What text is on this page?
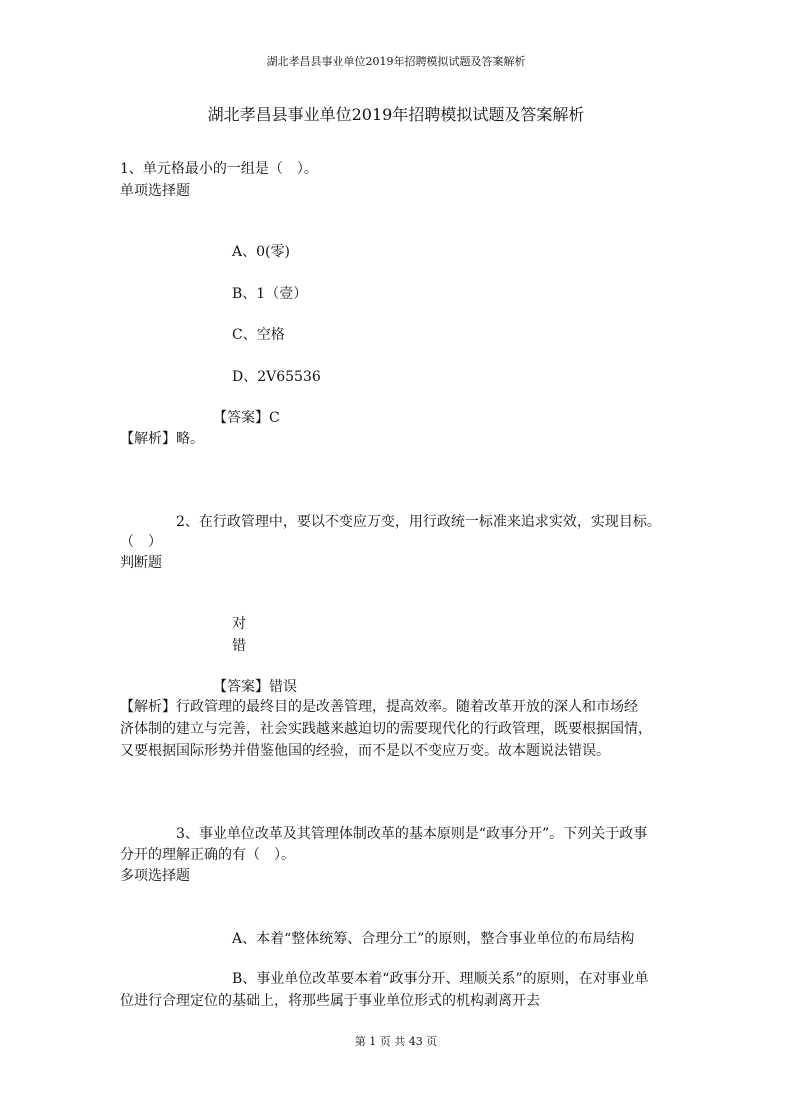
湖北孝昌县事业单位2019年招聘模拟试题及答案解析
湖北孝昌县事业单位2019年招聘模拟试题及答案解析
1、单元格最小的一组是（　）。
单项选择题
A、0(零)
B、1（壹）
C、空格
D、2V65536
【答案】C
【解析】略。
2、在行政管理中，要以不变应万变，用行政统一标准来追求实效，实现目标。
（　）
判断题
对
错
【答案】错误
【解析】行政管理的最终目的是改善管理，提高效率。随着改革开放的深人和市场经
济体制的建立与完善，社会实践越来越迫切的需要现代化的行政管理，既要根据国情，
又要根据国际形势并借鉴他国的经验，而不是以不变应万变。故本题说法错误。
3、事业单位改革及其管理体制改革的基本原则是“政事分开”。下列关于政事
分开的理解正确的有（　）。
多项选择题
A、本着“整体统筹、合理分工”的原则，整合事业单位的布局结构
B、事业单位改革要本着“政事分开、理顺关系”的原则，在对事业单
位进行合理定位的基础上，将那些属于事业单位形式的机构剥离开去
第 1 页 共 43 页
